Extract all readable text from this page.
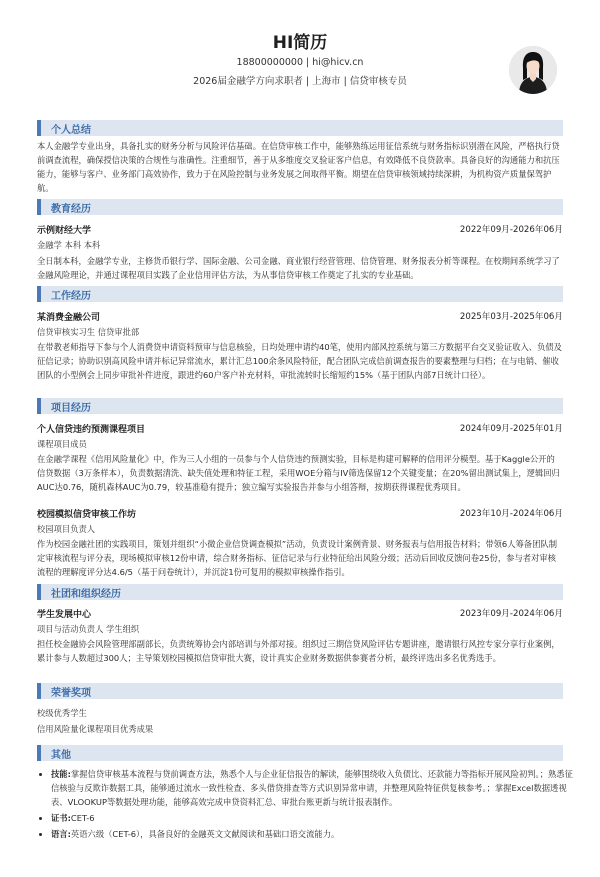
HI简历
18800000000 | hi@hicv.cn
2026届金融学方向求职者 | 上海市 | 信贷审核专员
个人总结
本人金融学专业出身，具备扎实的财务分析与风险评估基础。在信贷审核工作中，能够熟练运用征信系统与财务指标识别潜在风险，严格执行贷前调查流程，确保授信决策的合规性与准确性。注重细节，善于从多维度交叉验证客户信息，有效降低不良贷款率。具备良好的沟通能力和抗压能力，能够与客户、业务部门高效协作，致力于在风险控制与业务发展之间取得平衡。期望在信贷审核领域持续深耕，为机构资产质量保驾护航。
教育经历
示例财经大学	2022年09月-2026年06月
金融学 本科 本科
全日制本科，金融学专业，主修货币银行学、国际金融、公司金融、商业银行经营管理、信贷管理、财务报表分析等课程。在校期间系统学习了金融风险理论，并通过课程项目实践了企业信用评估方法，为从事信贷审核工作奠定了扎实的专业基础。
工作经历
某消费金融公司	2025年03月-2025年06月
信贷审核实习生 信贷审批部
在带教老师指导下参与个人消费贷申请资料预审与信息核验，日均处理申请约40笔，使用内部风控系统与第三方数据平台交叉验证收入、负债及征信记录；协助识别高风险申请并标记异常流水，累计汇总100余条风险特征，配合团队完成信前调查报告的要素整理与归档；在与电销、催收团队的小型例会上同步审批补件进度，跟进约60户客户补充材料，审批流转时长缩短约15%（基于团队内部7日统计口径）。
项目经历
个人信贷违约预测课程项目	2024年09月-2025年01月
课程项目成员
在金融学课程《信用风险量化》中，作为三人小组的一员参与个人信贷违约预测实验，目标是构建可解释的信用评分模型。基于Kaggle公开的信贷数据（3万条样本），负责数据清洗、缺失值处理和特征工程，采用WOE分箱与IV筛选保留12个关键变量；在20%留出测试集上，逻辑回归AUC达0.76，随机森林AUC为0.79，较基准稳有提升；独立编写实验报告并参与小组答辩，按期获得课程优秀项目。
校园模拟信贷审核工作坊	2023年10月-2024年06月
校园项目负责人
作为校园金融社团的实践项目，策划并组织“小微企业信贷调查模拟”活动，负责设计案例背景、财务报表与信用报告材料；带领6人筹备团队制定审核流程与评分表，现场模拟审核12份申请，综合财务指标、征信记录与行业特征给出风险分级；活动后回收反馈问卷25份，参与者对审核流程的理解度评分达4.6/5（基于问卷统计），并沉淀1份可复用的模拟审核操作指引。
社团和组织经历
学生发展中心	2023年09月-2024年06月
项目与活动负责人 学生组织
担任校金融协会风险管理部副部长，负责统筹协会内部培训与外部对接。组织过三期信贷风险评估专题讲座，邀请银行风控专家分享行业案例，累计参与人数超过300人；主导策划校园模拟信贷审批大赛，设计真实企业财务数据供参赛者分析，最终评选出多名优秀选手。
荣誉奖项
校级优秀学生
信用风险量化课程项目优秀成果
其他
• 技能:掌握信贷审核基本流程与贷前调查方法，熟悉个人与企业征信报告的解读，能够围绕收入负债比、还款能力等指标开展风险初判。；熟悉征信核验与反欺诈数据工具，能够通过流水一致性检查、多头借贷排查等方式识别异常申请，并整理风险特征供复核参考。；掌握Excel数据透视表、VLOOKUP等数据处理功能，能够高效完成申贷资料汇总、审批台账更新与统计报表制作。
• 证书:CET-6
• 语言:英语六级（CET-6），具备良好的金融英文文献阅读和基础口语交流能力。
